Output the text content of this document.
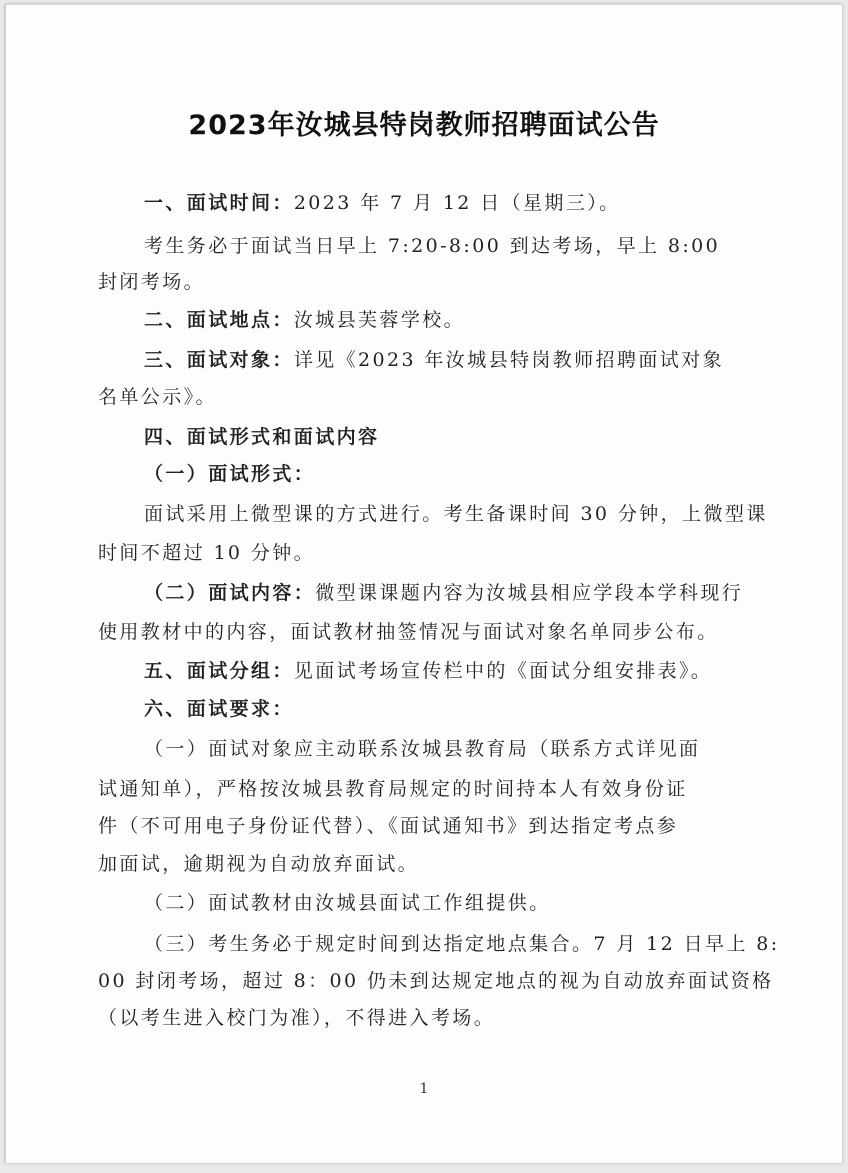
2023年汝城县特岗教师招聘面试公告
一、面试时间：2023 年 7 月 12 日（星期三）。
考生务必于面试当日早上 7:20-8:00 到达考场，早上 8:00
封闭考场。
二、面试地点：汝城县芙蓉学校。
三、面试对象：详见《2023 年汝城县特岗教师招聘面试对象
名单公示》。
四、面试形式和面试内容
（一）面试形式：
面试采用上微型课的方式进行。考生备课时间 30 分钟，上微型课
时间不超过 10 分钟。
（二）面试内容：微型课课题内容为汝城县相应学段本学科现行
使用教材中的内容，面试教材抽签情况与面试对象名单同步公布。
五、面试分组：见面试考场宣传栏中的《面试分组安排表》。
六、面试要求：
（一）面试对象应主动联系汝城县教育局（联系方式详见面
试通知单），严格按汝城县教育局规定的时间持本人有效身份证
件（不可用电子身份证代替）、《面试通知书》到达指定考点参
加面试，逾期视为自动放弃面试。
（二）面试教材由汝城县面试工作组提供。
（三）考生务必于规定时间到达指定地点集合。7 月 12 日早上 8:
00 封闭考场，超过 8：00 仍未到达规定地点的视为自动放弃面试资格
（以考生进入校门为准），不得进入考场。
1
